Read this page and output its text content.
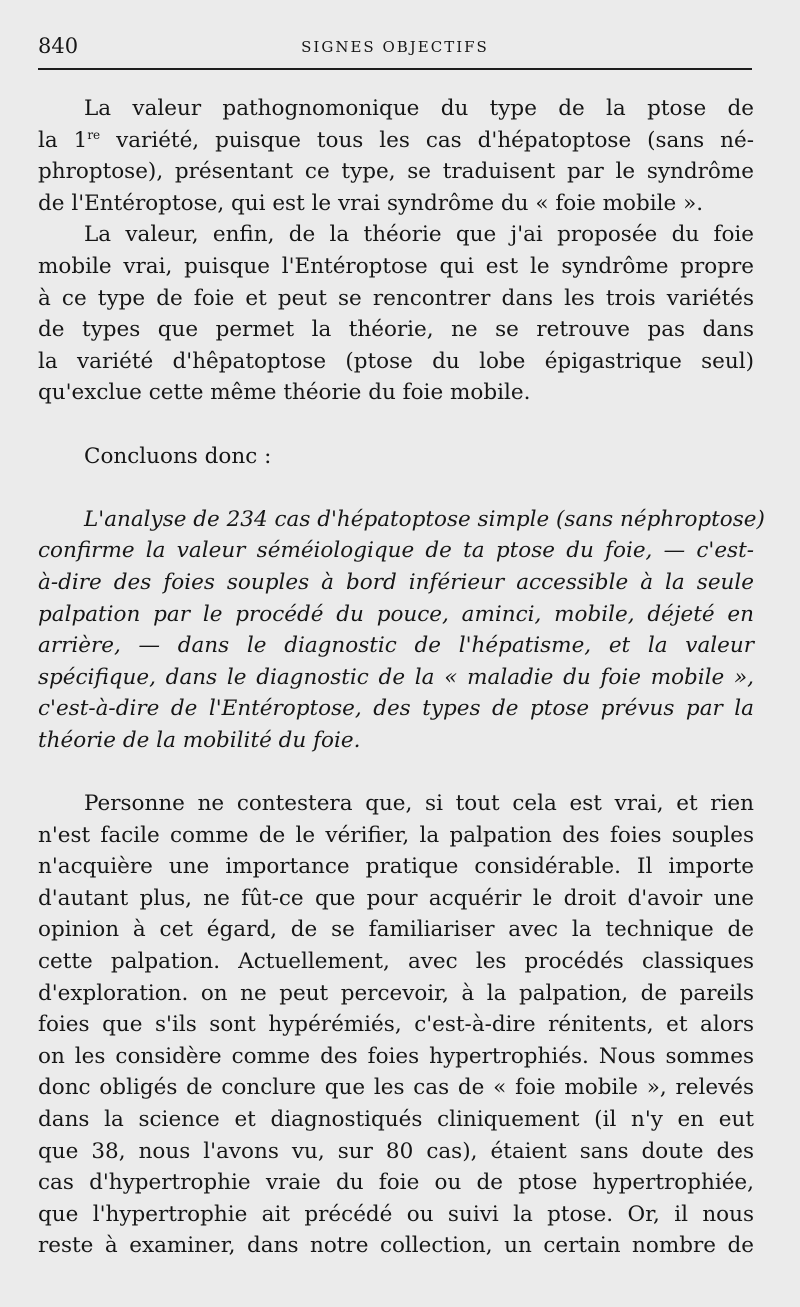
840	SIGNES OBJECTIFS
La valeur pathognomonique du type de la ptose de
la 1re variété, puisque tous les cas d'hépatoptose (sans né-
phroptose), présentant ce type, se traduisent par le syndrôme
de l'Entéroptose, qui est le vrai syndrôme du « foie mobile ».
La valeur, enfin, de la théorie que j'ai proposée du foie
mobile vrai, puisque l'Entéroptose qui est le syndrôme propre
à ce type de foie et peut se rencontrer dans les trois variétés
de types que permet la théorie, ne se retrouve pas dans
la variété d'hêpatoptose (ptose du lobe épigastrique seul)
qu'exclue cette même théorie du foie mobile.
Concluons donc :
L'analyse de 234 cas d'hépatoptose simple (sans néphroptose)
confirme la valeur séméiologique de ta ptose du foie, — c'est-
à-dire des foies souples à bord inférieur accessible à la seule
palpation par le procédé du pouce, aminci, mobile, déjeté en
arrière, — dans le diagnostic de l'hépatisme, et la valeur
spécifique, dans le diagnostic de la « maladie du foie mobile »,
c'est-à-dire de l'Entéroptose, des types de ptose prévus par la
théorie de la mobilité du foie.
Personne ne contestera que, si tout cela est vrai, et rien
n'est facile comme de le vérifier, la palpation des foies souples
n'acquière une importance pratique considérable. Il importe
d'autant plus, ne fût-ce que pour acquérir le droit d'avoir une
opinion à cet égard, de se familiariser avec la technique de
cette palpation. Actuellement, avec les procédés classiques
d'exploration. on ne peut percevoir, à la palpation, de pareils
foies que s'ils sont hypérémiés, c'est-à-dire rénitents, et alors
on les considère comme des foies hypertrophiés. Nous sommes
donc obligés de conclure que les cas de « foie mobile », relevés
dans la science et diagnostiqués cliniquement (il n'y en eut
que 38, nous l'avons vu, sur 80 cas), étaient sans doute des
cas d'hypertrophie vraie du foie ou de ptose hypertrophiée,
que l'hypertrophie ait précédé ou suivi la ptose. Or, il nous
reste à examiner, dans notre collection, un certain nombre de
